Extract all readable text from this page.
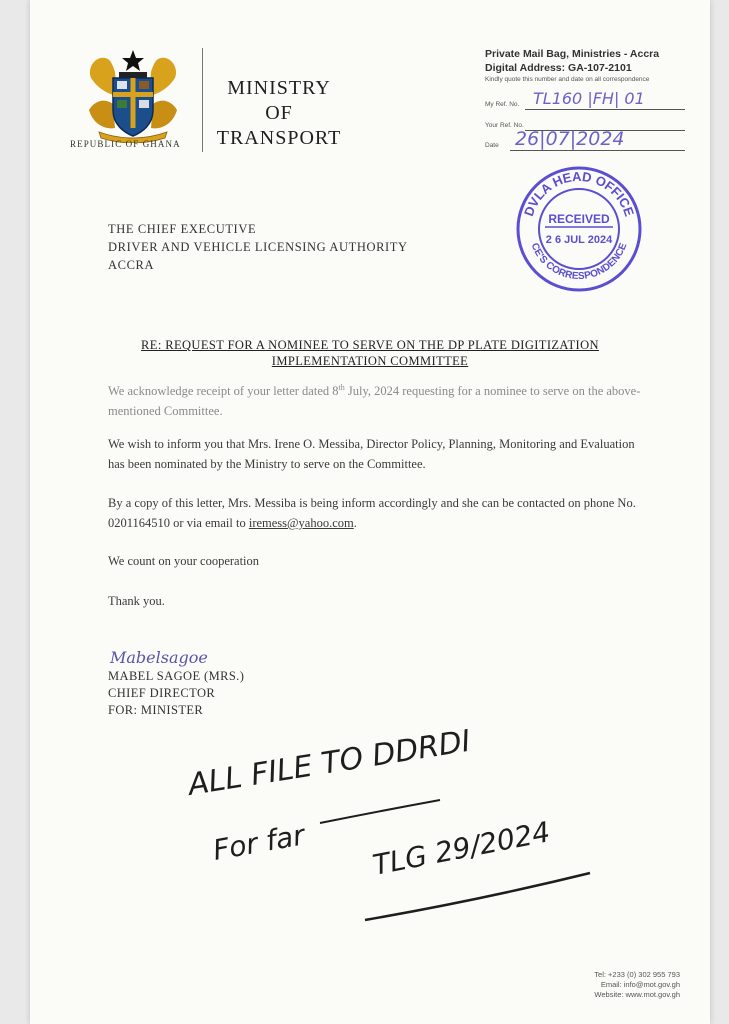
REPUBLIC OF GHANA
MINISTRY
OF
TRANSPORT
Private Mail Bag, Ministries - Accra
Digital Address: GA-107-2101
Kindly quote this number and date on all correspondence
My Ref. No. TL160 |FH| 01
Your Ref. No.
Date 26|07|2024
DVLA HEAD OFFICE
CE'S CORRESPONDENCE
RECEIVED
2 6 JUL 2024
THE CHIEF EXECUTIVE
DRIVER AND VEHICLE LICENSING AUTHORITY
ACCRA
RE: REQUEST FOR A NOMINEE TO SERVE ON THE DP PLATE DIGITIZATION
IMPLEMENTATION COMMITTEE
We acknowledge receipt of your letter dated 8th July, 2024 requesting for a nominee to serve on the above-mentioned Committee.
We wish to inform you that Mrs. Irene O. Messiba, Director Policy, Planning, Monitoring and Evaluation has been nominated by the Ministry to serve on the Committee.
By a copy of this letter, Mrs. Messiba is being inform accordingly and she can be contacted on phone No. 0201164510 or via email to iremess@yahoo.com.
We count on your cooperation
Thank you.
Mabelsagoe
MABEL SAGOE (MRS.)
CHIEF DIRECTOR
FOR: MINISTER
ALL FILE TO DDRDI
For far TLG 29/2024
Tel: +233 (0) 302 955 793
Email: info@mot.gov.gh
Website: www.mot.gov.gh
